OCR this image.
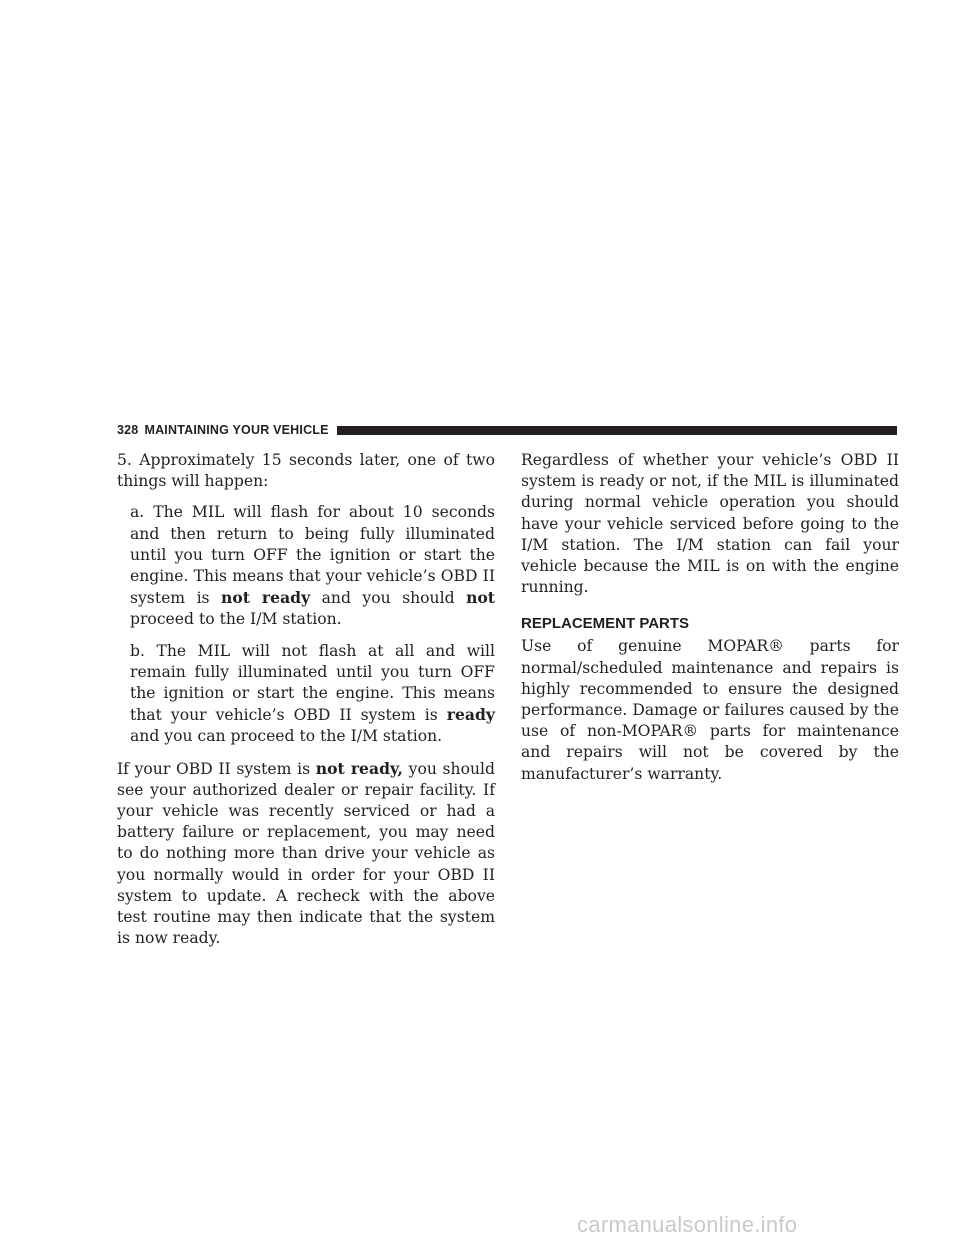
328 MAINTAINING YOUR VEHICLE

5. Approximately 15 seconds later, one of two things will happen:

a. The MIL will flash for about 10 seconds and then return to being fully illuminated until you turn OFF the ignition or start the engine. This means that your vehicle’s OBD II system is not ready and you should not proceed to the I/M station.

b. The MIL will not flash at all and will remain fully illuminated until you turn OFF the ignition or start the engine. This means that your vehicle’s OBD II system is ready and you can proceed to the I/M station.

If your OBD II system is not ready, you should see your authorized dealer or repair facility. If your vehicle was recently serviced or had a battery failure or replacement, you may need to do nothing more than drive your vehicle as you normally would in order for your OBD II system to update. A recheck with the above test routine may then indicate that the system is now ready.

Regardless of whether your vehicle’s OBD II system is ready or not, if the MIL is illuminated during normal vehicle operation you should have your vehicle serviced before going to the I/M station. The I/M station can fail your vehicle because the MIL is on with the engine running.

REPLACEMENT PARTS

Use of genuine MOPAR® parts for normal/scheduled maintenance and repairs is highly recommended to ensure the designed performance. Damage or failures caused by the use of non-MOPAR® parts for maintenance and repairs will not be covered by the manufacturer’s warranty.

carmanualsonline.info
